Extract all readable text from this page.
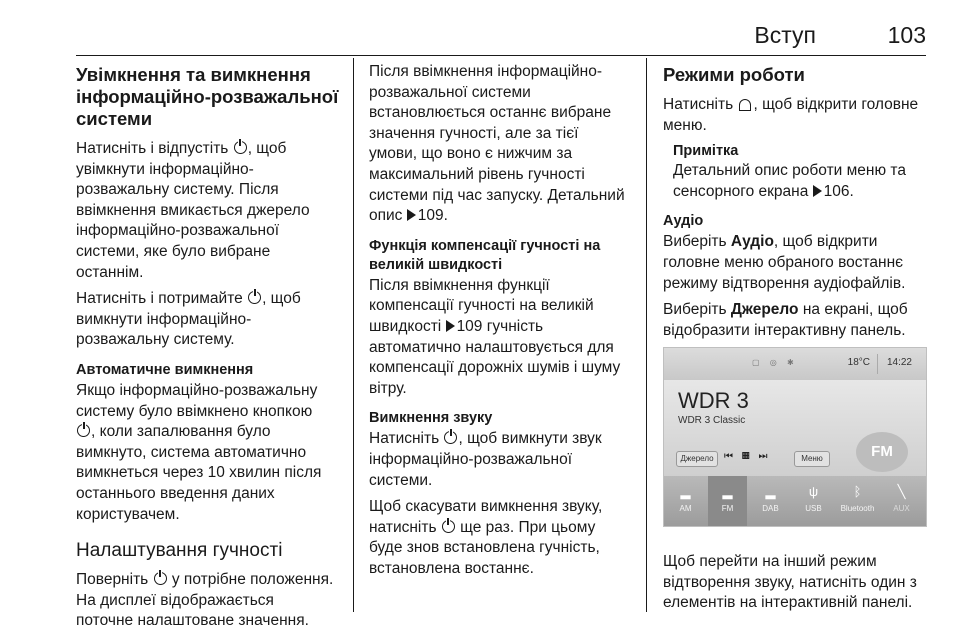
Вступ	103
Увімкнення та вимкнення
інформаційно-розважальної
системи

Натисніть і відпустіть , щоб
увімкнути інформаційно-
розважальну систему. Після
ввімкнення вмикається джерело
інформаційно-розважальної
системи, яке було вибране
останнім.

Натисніть і потримайте , щоб
вимкнути інформаційно-
розважальну систему.

Автоматичне вимкнення

Якщо інформаційно-розважальну
систему було ввімкнено кнопкою
, коли запалювання було
вимкнуто, система автоматично
вимкнеться через 10 хвилин після
останнього введення даних
користувачем.

Налаштування гучності

Поверніть у потрібне положення.
На дисплеї відображається
поточне налаштоване значення.

Після ввімкнення інформаційно-
розважальної системи
встановлюється останнє вибране
значення гучності, але за тієї
умови, що воно є нижчим за
максимальний рівень гучності
системи під час запуску. Детальний
опис 109.

Функція компенсації гучності на
великій швидкості

Після ввімкнення функції
компенсації гучності на великій
швидкості 109 гучність
автоматично налаштовується для
компенсації дорожніх шумів і шуму
вітру.

Вимкнення звуку

Натисніть , щоб вимкнути звук
інформаційно-розважальної
системи.

Щоб скасувати вимкнення звуку,
натисніть ще раз. При цьому
буде знов встановлена гучність,
встановлена востаннє.

Режими роботи

Натисніть , щоб відкрити головне
меню.

Примітка
Детальний опис роботи меню та
сенсорного екрана 106.
Аудіо

Виберіть Аудіо, щоб відкрити
головне меню обраного востаннє
режиму відтворення аудіофайлів.

Виберіть Джерело на екрані, щоб
відобразити інтерактивну панель.

▢ ◎ ✱	18°C 14:22
WDR 3
WDR 3 Classic
FM
Джерело	⏮ ▦ ⏭	Меню
▂
AM
▂
FM
▂
DAB
ψ
USB
ᛒ
Bluetooth
╲
AUX
Щоб перейти на інший режим
відтворення звуку, натисніть один з
елементів на інтерактивній панелі.
